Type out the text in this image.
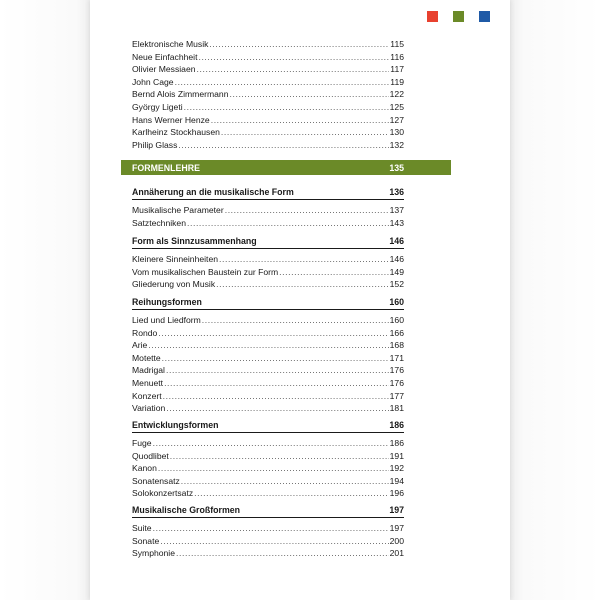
Elektronische Musik .....	115
Neue Einfachheit .....	116
Olivier Messiaen .....	117
John Cage .....	119
Bernd Alois Zimmermann .....	122
György Ligeti .....	125
Hans Werner Henze .....	127
Karlheinz Stockhausen .....	130
Philip Glass .....	132
FORMENLEHRE	135
Annäherung an die musikalische Form	136
Musikalische Parameter .....	137
Satztechniken .....	143
Form als Sinnzusammenhang	146
Kleinere Sinneinheiten .....	146
Vom musikalischen Baustein zur Form .....	149
Gliederung von Musik .....	152
Reihungsformen	160
Lied und Liedform .....	160
Rondo .....	166
Arie .....	168
Motette .....	171
Madrigal .....	176
Menuett .....	176
Konzert .....	177
Variation .....	181
Entwicklungsformen	186
Fuge .....	186
Quodlibet .....	191
Kanon .....	192
Sonatensatz .....	194
Solokonzertsatz .....	196
Musikalische Großformen	197
Suite .....	197
Sonate .....	200
Symphonie .....	201
